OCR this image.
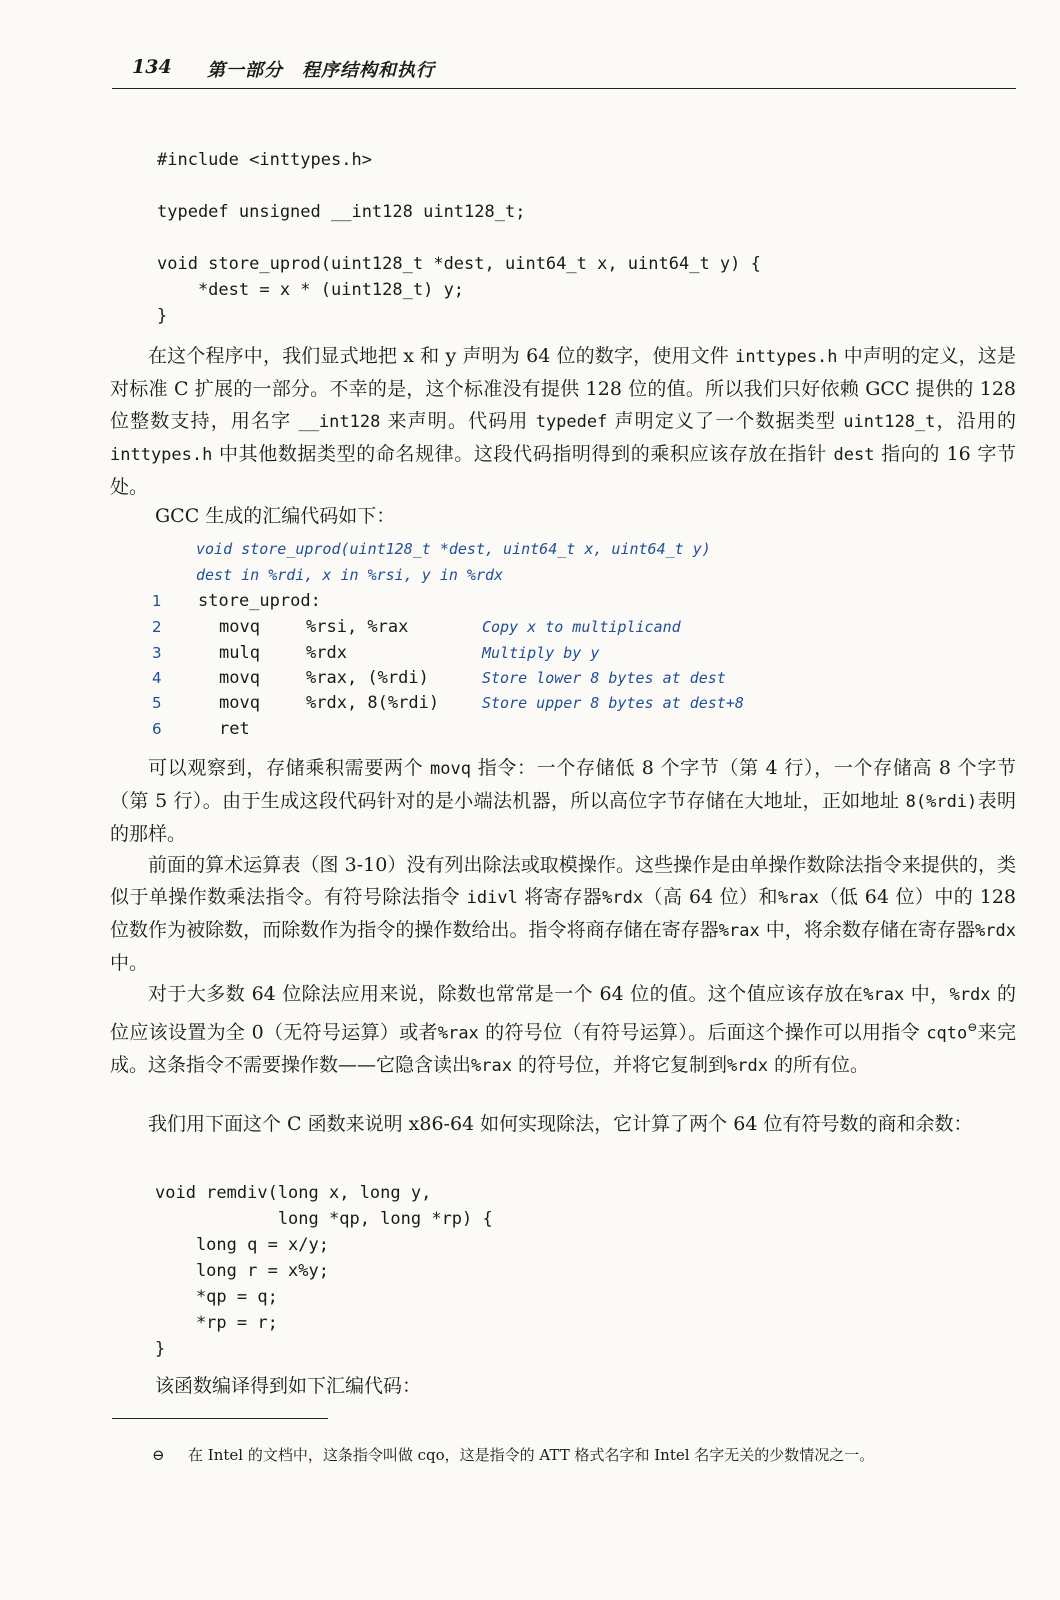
134 第一部分　程序结构和执行
#include <inttypes.h>

typedef unsigned __int128 uint128_t;

void store_uprod(uint128_t *dest, uint64_t x, uint64_t y) {
*dest = x * (uint128_t) y;
}

在这个程序中，我们显式地把 x 和 y 声明为 64 位的数字，使用文件 inttypes.h 中声明的定义，这是对标准 C 扩展的一部分。不幸的是，这个标准没有提供 128 位的值。所以我们只好依赖 GCC 提供的 128 位整数支持，用名字 __int128 来声明。代码用 typedef 声明定义了一个数据类型 uint128_t，沿用的 inttypes.h 中其他数据类型的命名规律。这段代码指明得到的乘积应该存放在指针 dest 指向的 16 字节处。

GCC 生成的汇编代码如下：

void store_uprod(uint128_t *dest, uint64_t x, uint64_t y)
dest in %rdi, x in %rsi, y in %rdx
1 store_uprod:
2	movq	%rsi, %rax	Copy x to multiplicand
3	mulq	%rdx	Multiply by y
4	movq	%rax, (%rdi)	Store lower 8 bytes at dest
5	movq	%rdx, 8(%rdi)	Store upper 8 bytes at dest+8
6	ret

可以观察到，存储乘积需要两个 movq 指令：一个存储低 8 个字节（第 4 行），一个存储高 8 个字节（第 5 行）。由于生成这段代码针对的是小端法机器，所以高位字节存储在大地址，正如地址 8(%rdi)表明的那样。

前面的算术运算表（图 3-10）没有列出除法或取模操作。这些操作是由单操作数除法指令来提供的，类似于单操作数乘法指令。有符号除法指令 idivl 将寄存器%rdx（高 64 位）和%rax（低 64 位）中的 128 位数作为被除数，而除数作为指令的操作数给出。指令将商存储在寄存器%rax 中，将余数存储在寄存器%rdx 中。

对于大多数 64 位除法应用来说，除数也常常是一个 64 位的值。这个值应该存放在%rax 中，%rdx 的位应该设置为全 0（无符号运算）或者%rax 的符号位（有符号运算）。后面这个操作可以用指令 cqto⊖来完成。这条指令不需要操作数——它隐含读出%rax 的符号位，并将它复制到%rdx 的所有位。

我们用下面这个 C 函数来说明 x86-64 如何实现除法，它计算了两个 64 位有符号数的商和余数：

void remdiv(long x, long y,
long *qp, long *rp) {
long q = x/y;
long r = x%y;
*qp = q;
*rp = r;
}

该函数编译得到如下汇编代码：

⊖ 在 Intel 的文档中，这条指令叫做 cqo，这是指令的 ATT 格式名字和 Intel 名字无关的少数情况之一。
